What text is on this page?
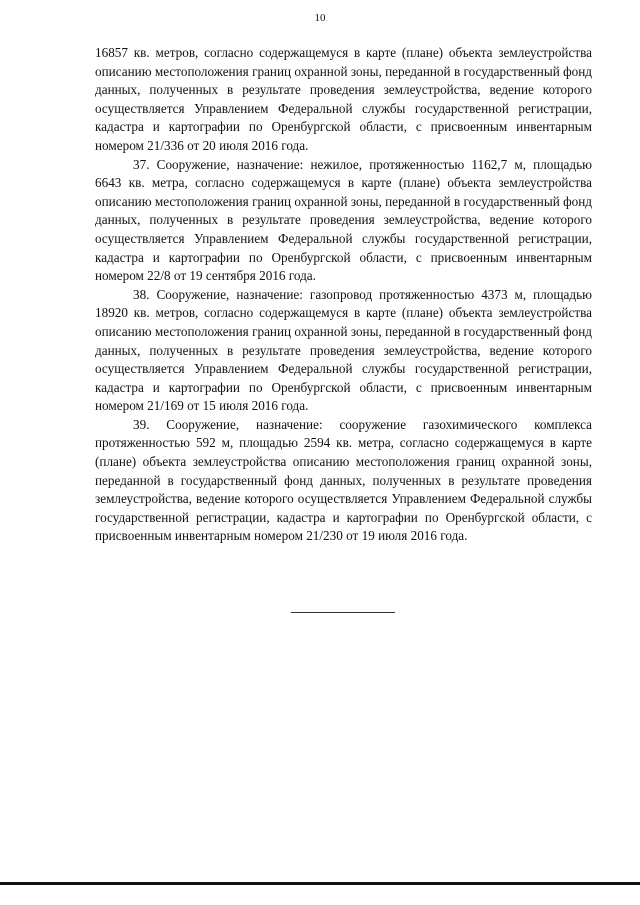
10

16857 кв. метров, согласно содержащемуся в карте (плане) объекта землеустройства описанию местоположения границ охранной зоны, переданной в государственный фонд данных, полученных в результате проведения землеустройства, ведение которого осуществляется Управлением Федеральной службы государственной регистрации, кадастра и картографии по Оренбургской области, с присвоенным инвентарным номером 21/336 от 20 июля 2016 года.

37. Сооружение, назначение: нежилое, протяженностью 1162,7 м, площадью 6643 кв. метра, согласно содержащемуся в карте (плане) объекта землеустройства описанию местоположения границ охранной зоны, переданной в государственный фонд данных, полученных в результате проведения землеустройства, ведение которого осуществляется Управлением Федеральной службы государственной регистрации, кадастра и картографии по Оренбургской области, с присвоенным инвентарным номером 22/8 от 19 сентября 2016 года.

38. Сооружение, назначение: газопровод протяженностью 4373 м, площадью 18920 кв. метров, согласно содержащемуся в карте (плане) объекта землеустройства описанию местоположения границ охранной зоны, переданной в государственный фонд данных, полученных в результате проведения землеустройства, ведение которого осуществляется Управлением Федеральной службы государственной регистрации, кадастра и картографии по Оренбургской области, с присвоенным инвентарным номером 21/169 от 15 июля 2016 года.

39. Сооружение, назначение: сооружение газохимического комплекса протяженностью 592 м, площадью 2594 кв. метра, согласно содержащемуся в карте (плане) объекта землеустройства описанию местоположения границ охранной зоны, переданной в государственный фонд данных, полученных в результате проведения землеустройства, ведение которого осуществляется Управлением Федеральной службы государственной регистрации, кадастра и картографии по Оренбургской области, с присвоенным инвентарным номером 21/230 от 19 июля 2016 года.
